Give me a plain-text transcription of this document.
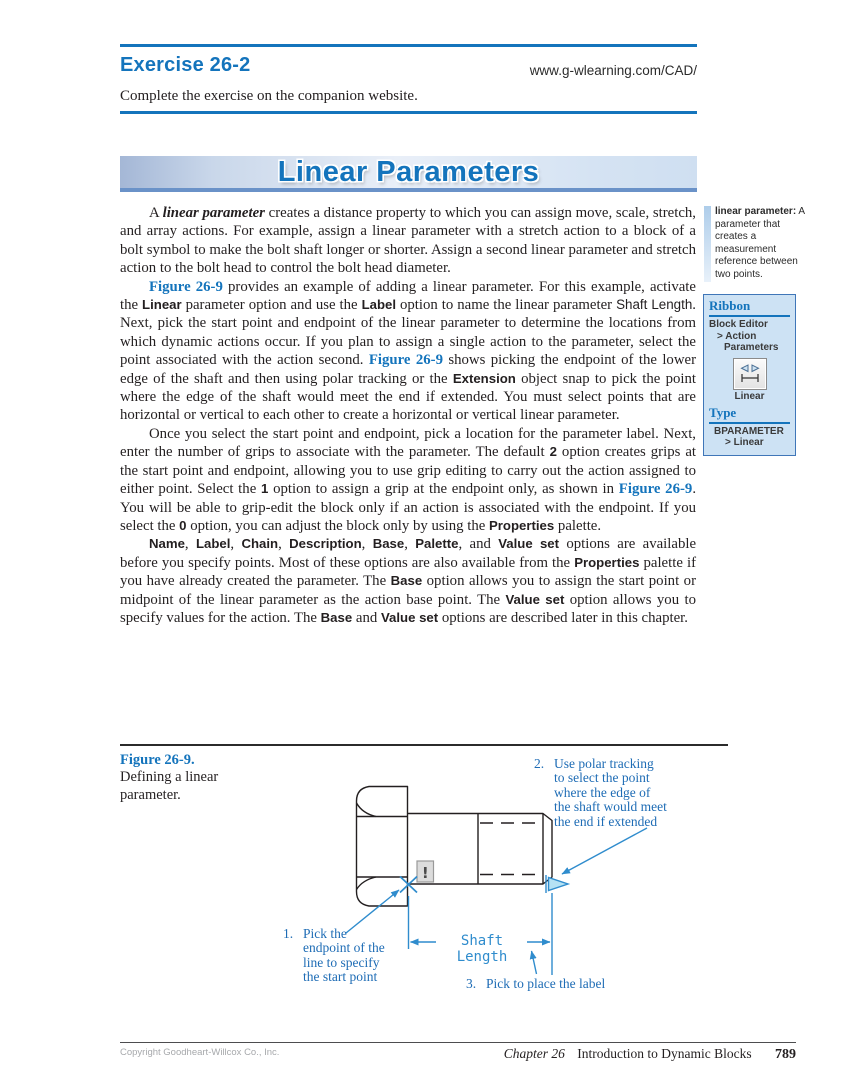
Exercise 26-2	www.g-wlearning.com/CAD/
Complete the exercise on the companion website.
Linear Parameters

A linear parameter creates a distance property to which you can assign move, scale, stretch, and array actions. For example, assign a linear parameter with a stretch action to a block of a bolt symbol to make the bolt shaft longer or shorter. Assign a second linear parameter and stretch action to the bolt head to control the bolt head diameter.

Figure 26-9 provides an example of adding a linear parameter. For this example, activate the Linear parameter option and use the Label option to name the linear parameter Shaft Length. Next, pick the start point and endpoint of the linear parameter to determine the locations from which dynamic actions occur. If you plan to assign a single action to the parameter, select the point associated with the action second. Figure 26-9 shows picking the endpoint of the lower edge of the shaft and then using polar tracking or the Extension object snap to pick the point where the edge of the shaft would meet the end if extended. You must select points that are horizontal or vertical to each other to create a horizontal or vertical linear parameter.

Once you select the start point and endpoint, pick a location for the parameter label. Next, enter the number of grips to associate with the parameter. The default 2 option creates grips at the start point and endpoint, allowing you to use grip editing to carry out the action assigned to either point. Select the 1 option to assign a grip at the endpoint only, as shown in Figure 26-9. You will be able to grip-edit the block only if an action is associated with the endpoint. If you select the 0 option, you can adjust the block only by using the Properties palette.

Name, Label, Chain, Description, Base, Palette, and Value set options are available before you specify points. Most of these options are also available from the Properties palette if you have already created the parameter. The Base option allows you to assign the start point or midpoint of the linear parameter as the action base point. The Value set option allows you to specify values for the action. The Base and Value set options are described later in this chapter.

linear parameter: A parameter that creates a measurement reference between two points.
Ribbon
Block Editor
> Action
Parameters
Linear
Type
BPARAMETER
> Linear
Figure 26-9.
Defining a linear parameter.
!
1. Pick the
endpoint of the
line to specify
the start point
2. Use polar tracking
to select the point
where the edge of
the shaft would meet
the end if extended
3. Pick to place the label
Shaft Length
Copyright Goodheart-Willcox Co., Inc.	Chapter 26 Introduction to Dynamic Blocks 789
